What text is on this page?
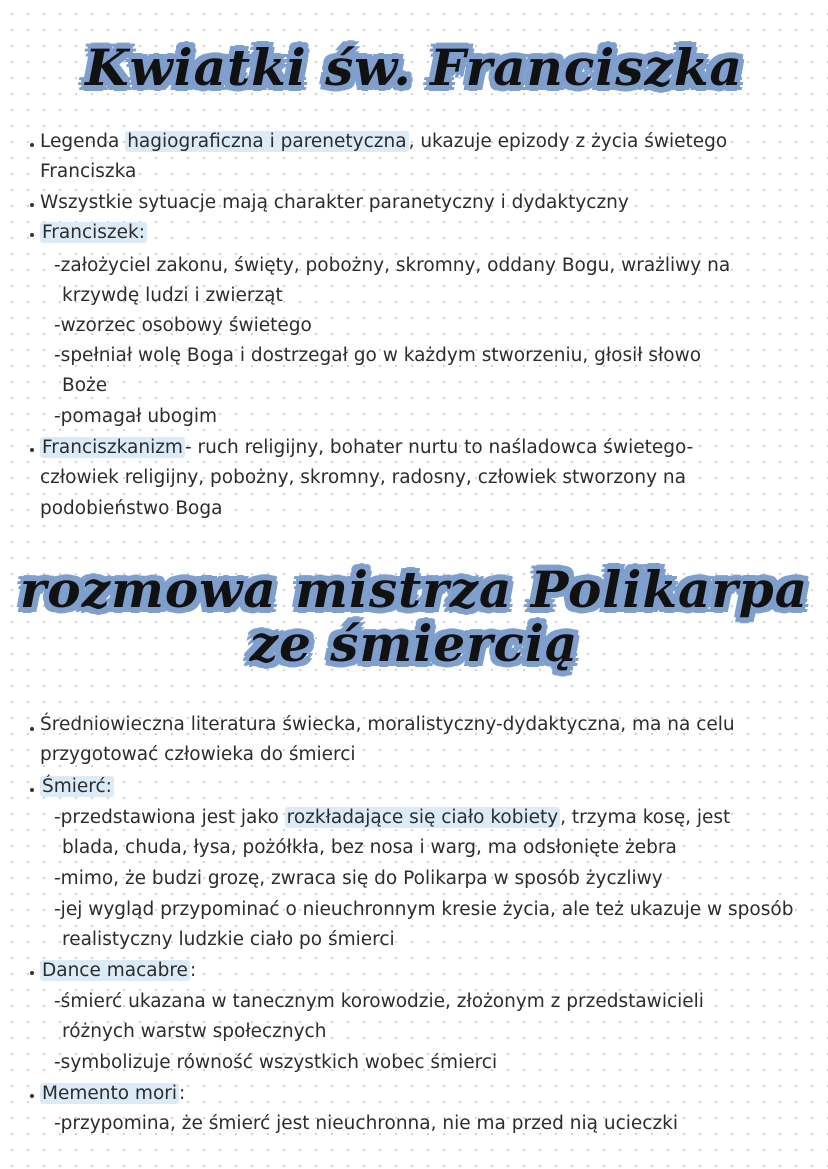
Kwiatki św. Franciszka
Legenda hagiograficzna i parenetyczna , ukazuje epizody z życia świetego
Franciszka
Wszystkie sytuacje mają charakter paranetyczny i dydaktyczny
Franciszek:
-założyciel zakonu, święty, pobożny, skromny, oddany Bogu, wrażliwy na
krzywdę ludzi i zwierząt
-wzorzec osobowy świetego
-spełniał wolę Boga i dostrzegał go w każdym stworzeniu, głosił słowo
Boże
-pomagał ubogim
Franciszkanizm - ruch religijny, bohater nurtu to naśladowca świetego-
człowiek religijny, pobożny, skromny, radosny, człowiek stworzony na
podobieństwo Boga
rozmowa mistrza Polikarpa
ze śmiercią
Średniowieczna literatura świecka, moralistyczny-dydaktyczna, ma na celu
przygotować człowieka do śmierci
Śmierć:
-przedstawiona jest jako rozkładające się ciało kobiety , trzyma kosę, jest
blada, chuda, łysa, pożółkła, bez nosa i warg, ma odsłonięte żebra
-mimo, że budzi grozę, zwraca się do Polikarpa w sposób życzliwy
-jej wygląd przypominać o nieuchronnym kresie życia, ale też ukazuje w sposób
realistyczny ludzkie ciało po śmierci
Dance macabre :
-śmierć ukazana w tanecznym korowodzie, złożonym z przedstawicieli
różnych warstw społecznych
-symbolizuje równość wszystkich wobec śmierci
Memento mori :
-przypomina, że śmierć jest nieuchronna, nie ma przed nią ucieczki
